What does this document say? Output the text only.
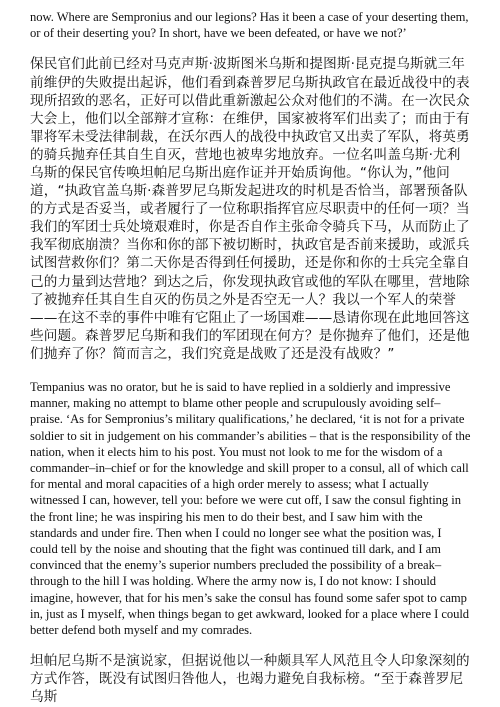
now. Where are Sempronius and our legions? Has it been a case of your deserting them, or of their deserting you? In short, have we been defeated, or have we not?’

保民官们此前已经对马克声斯·波斯图米乌斯和提图斯·昆克提乌斯就三年前维伊的失败提出起诉，他们看到森普罗尼乌斯执政官在最近战役中的表现所招致的恶名，正好可以借此重新激起公众对他们的不满。在一次民众大会上，他们以全部辩才宣称：在维伊，国家被将军们出卖了；而由于有罪将军未受法律制裁，在沃尔西人的战役中执政官又出卖了军队，将英勇的骑兵抛弃任其自生自灭，营地也被卑劣地放弃。一位名叫盖乌斯·尤利乌斯的保民官传唤坦帕尼乌斯出庭作证并开始质询他。“你认为，”他问道，“执政官盖乌斯·森普罗尼乌斯发起进攻的时机是否恰当，部署预备队的方式是否妥当，或者履行了一位称职指挥官应尽职责中的任何一项？当我们的军团士兵处境艰难时，你是否自作主张命令骑兵下马，从而防止了我军彻底崩溃？当你和你的部下被切断时，执政官是否前来援助，或派兵试图营救你们？第二天你是否得到任何援助，还是你和你的士兵完全靠自己的力量到达营地？到达之后，你发现执政官或他的军队在哪里，营地除了被抛弃任其自生自灭的伤员之外是否空无一人？我以一个军人的荣誉——在这不幸的事件中唯有它阻止了一场国难——恳请你现在此地回答这些问题。森普罗尼乌斯和我们的军团现在何方？是你抛弃了他们，还是他们抛弃了你？简而言之，我们究竟是战败了还是没有战败？”

Tempanius was no orator, but he is said to have replied in a soldierly and impressive manner, making no attempt to blame other people and scrupulously avoiding self–praise. ‘As for Sempronius’s military qualifications,’ he declared, ‘it is not for a private soldier to sit in judgement on his commander’s abilities – that is the responsibility of the nation, when it elects him to his post. You must not look to me for the wisdom of a commander–in–chief or for the knowledge and skill proper to a consul, all of which call for mental and moral capacities of a high order merely to assess; what I actually witnessed I can, however, tell you: before we were cut off, I saw the consul fighting in the front line; he was inspiring his men to do their best, and I saw him with the standards and under fire. Then when I could no longer see what the position was, I could tell by the noise and shouting that the fight was continued till dark, and I am convinced that the enemy’s superior numbers precluded the possibility of a break–through to the hill I was holding. Where the army now is, I do not know: I should imagine, however, that for his men’s sake the consul has found some safer spot to camp in, just as I myself, when things began to get awkward, looked for a place where I could better defend both myself and my comrades.

坦帕尼乌斯不是演说家，但据说他以一种颇具军人风范且令人印象深刻的方式作答，既没有试图归咎他人，也竭力避免自我标榜。“至于森普罗尼乌斯
